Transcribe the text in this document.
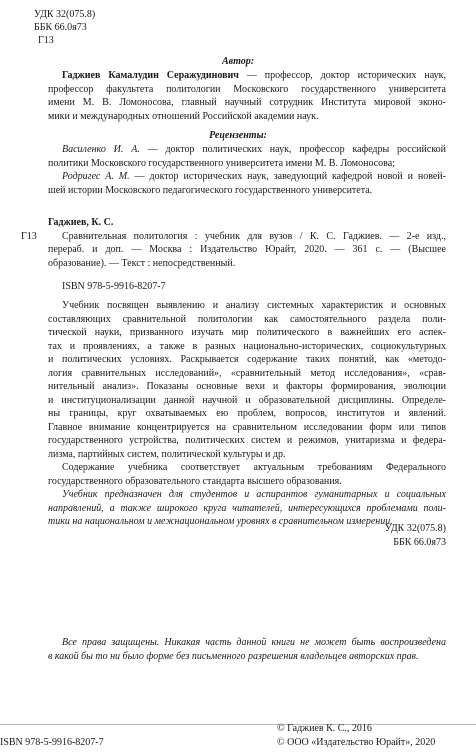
УДК 32(075.8)
ББК 66.0я73
Г13
Автор:
Гаджиев Камалудин Серажудинович — профессор, доктор исторических наук,
профессор факультета политологии Московского государственного университета
имени М. В. Ломоносова, главный научный сотрудник Института мировой эконо-
мики и международных отношений Российской академии наук.
Рецензенты:
Василенко И. А. — доктор политических наук, профессор кафедры российской
политики Московского государственного университета имени М. В. Ломоносова;
Родригес А. М. — доктор исторических наук, заведующий кафедрой новой и новей-
шей истории Московского педагогического государственного университета.
Г13
Гаджиев, К. С.
Сравнительная политология : учебник для вузов / К. С. Гаджиев. — 2-е изд.,
перераб. и доп. — Москва : Издательство Юрайт, 2020. — 361 с. — (Высшее
образование). — Текст : непосредственный.
ISBN 978-5-9916-8207-7
Учебник посвящен выявлению и анализу системных характеристик и основных
составляющих сравнительной политологии как самостоятельного раздела поли-
тической науки, призванного изучать мир политического в важнейших его аспек-
тах и проявлениях, а также в разных национально-исторических, социокультурных
и политических условиях. Раскрывается содержание таких понятий, как «методо-
логия сравнительных исследований», «сравнительный метод исследования», «срав-
нительный анализ». Показаны основные вехи и факторы формирования, эволюции
и институционализации данной научной и образовательной дисциплины. Определе-
ны границы, круг охватываемых ею проблем, вопросов, институтов и явлений.
Главное внимание концентрируется на сравнительном исследовании форм или типов
государственного устройства, политических систем и режимов, унитаризма и федера-
лизма, партийных систем, политической культуры и др.
Содержание учебника соответствует актуальным требованиям Федерального
государственного образовательного стандарта высшего образования.
Учебник предназначен для студентов и аспирантов гуманитарных и социальных
направлений, а также широкого круга читателей, интересующихся проблемами поли-
тики на национальном и межнациональном уровнях в сравнительном измерении.
УДК 32(075.8)
ББК 66.0я73
Все права защищены. Никакая часть данной книги не может быть воспроизведена
в какой бы то ни было форме без письменного разрешения владельцев авторских прав.
ISBN 978-5-9916-8207-7
© Гаджиев К. С., 2016
© ООО «Издательство Юрайт», 2020
